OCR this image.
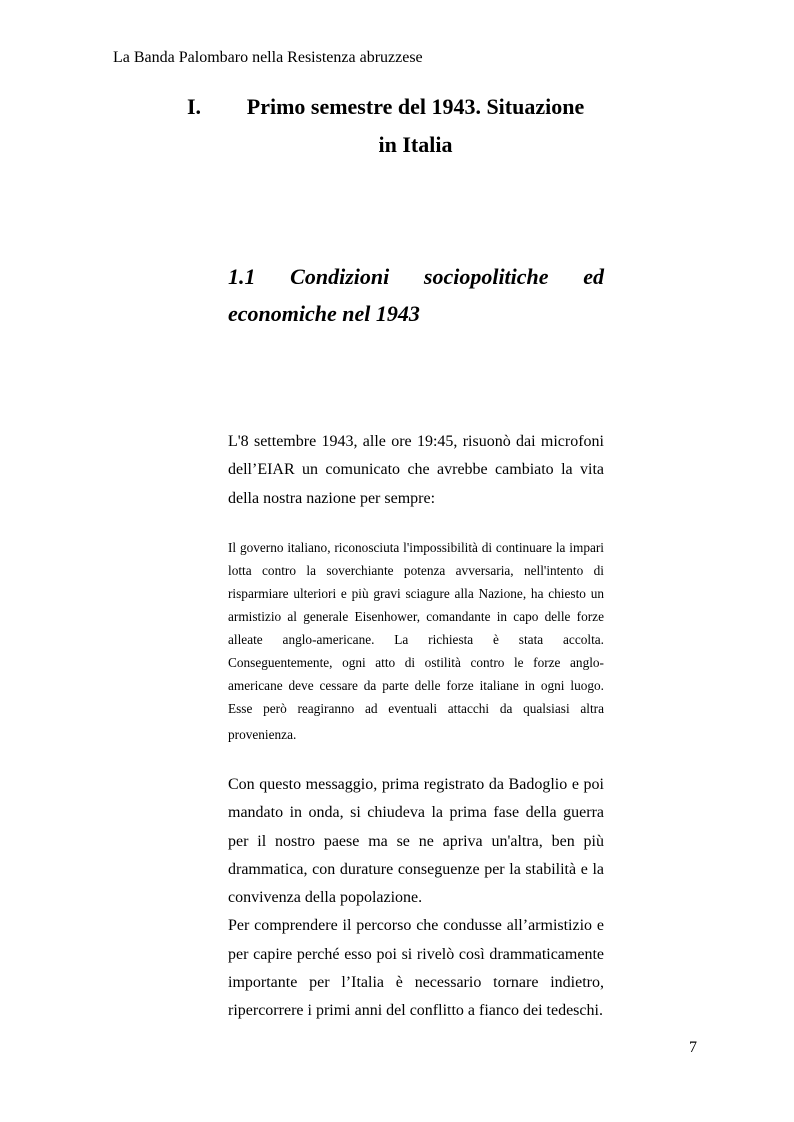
La Banda Palombaro nella Resistenza abruzzese
I.	Primo semestre del 1943. Situazione
in Italia
1.1 Condizioni sociopolitiche ed
economiche nel 1943
L'8 settembre 1943, alle ore 19:45, risuonò dai microfoni
dell’EIAR un comunicato che avrebbe cambiato la vita
della nostra nazione per sempre:
Il governo italiano, riconosciuta l'impossibilità di continuare la impari
lotta contro la soverchiante potenza avversaria, nell'intento di
risparmiare ulteriori e più gravi sciagure alla Nazione, ha chiesto un
armistizio al generale Eisenhower, comandante in capo delle forze
alleate anglo-americane. La richiesta è stata accolta.
Conseguentemente, ogni atto di ostilità contro le forze anglo-
americane deve cessare da parte delle forze italiane in ogni luogo.
Esse però reagiranno ad eventuali attacchi da qualsiasi altra
provenienza.
Con questo messaggio, prima registrato da Badoglio e poi
mandato in onda, si chiudeva la prima fase della guerra
per il nostro paese ma se ne apriva un'altra, ben più
drammatica, con durature conseguenze per la stabilità e la
convivenza della popolazione.
Per comprendere il percorso che condusse all’armistizio e
per capire perché esso poi si rivelò così drammaticamente
importante per l’Italia è necessario tornare indietro,
ripercorrere i primi anni del conflitto a fianco dei tedeschi.
7
